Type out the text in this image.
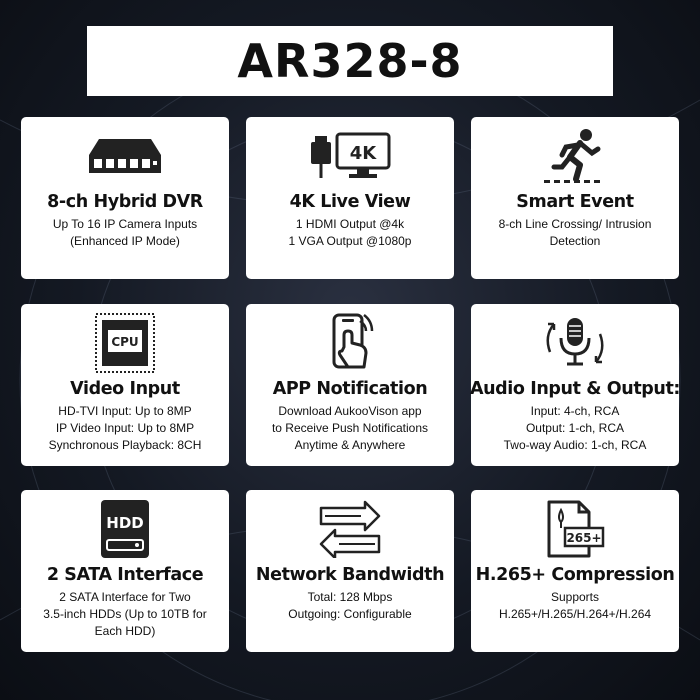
AR328-8
8-ch Hybrid DVR
Up To 16 IP Camera Inputs
(Enhanced IP Mode)
4K
4K Live View
1 HDMI Output @4k
1 VGA Output @1080p
Smart Event
8-ch Line Crossing/ Intrusion
Detection
CPU
Video Input
HD-TVI Input: Up to 8MP
IP Video Input: Up to 8MP
Synchronous Playback: 8CH
APP Notification
Download AukooVison app
to Receive Push Notifications
Anytime & Anywhere
Audio Input & Output:
Input: 4-ch, RCA
Output: 1-ch, RCA
Two-way Audio: 1-ch, RCA
HDD
2 SATA Interface
2 SATA Interface for Two
3.5-inch HDDs (Up to 10TB for
Each HDD)
Network Bandwidth
Total: 128 Mbps
Outgoing: Configurable
265+
H.265+ Compression
Supports
H.265+/H.265/H.264+/H.264
